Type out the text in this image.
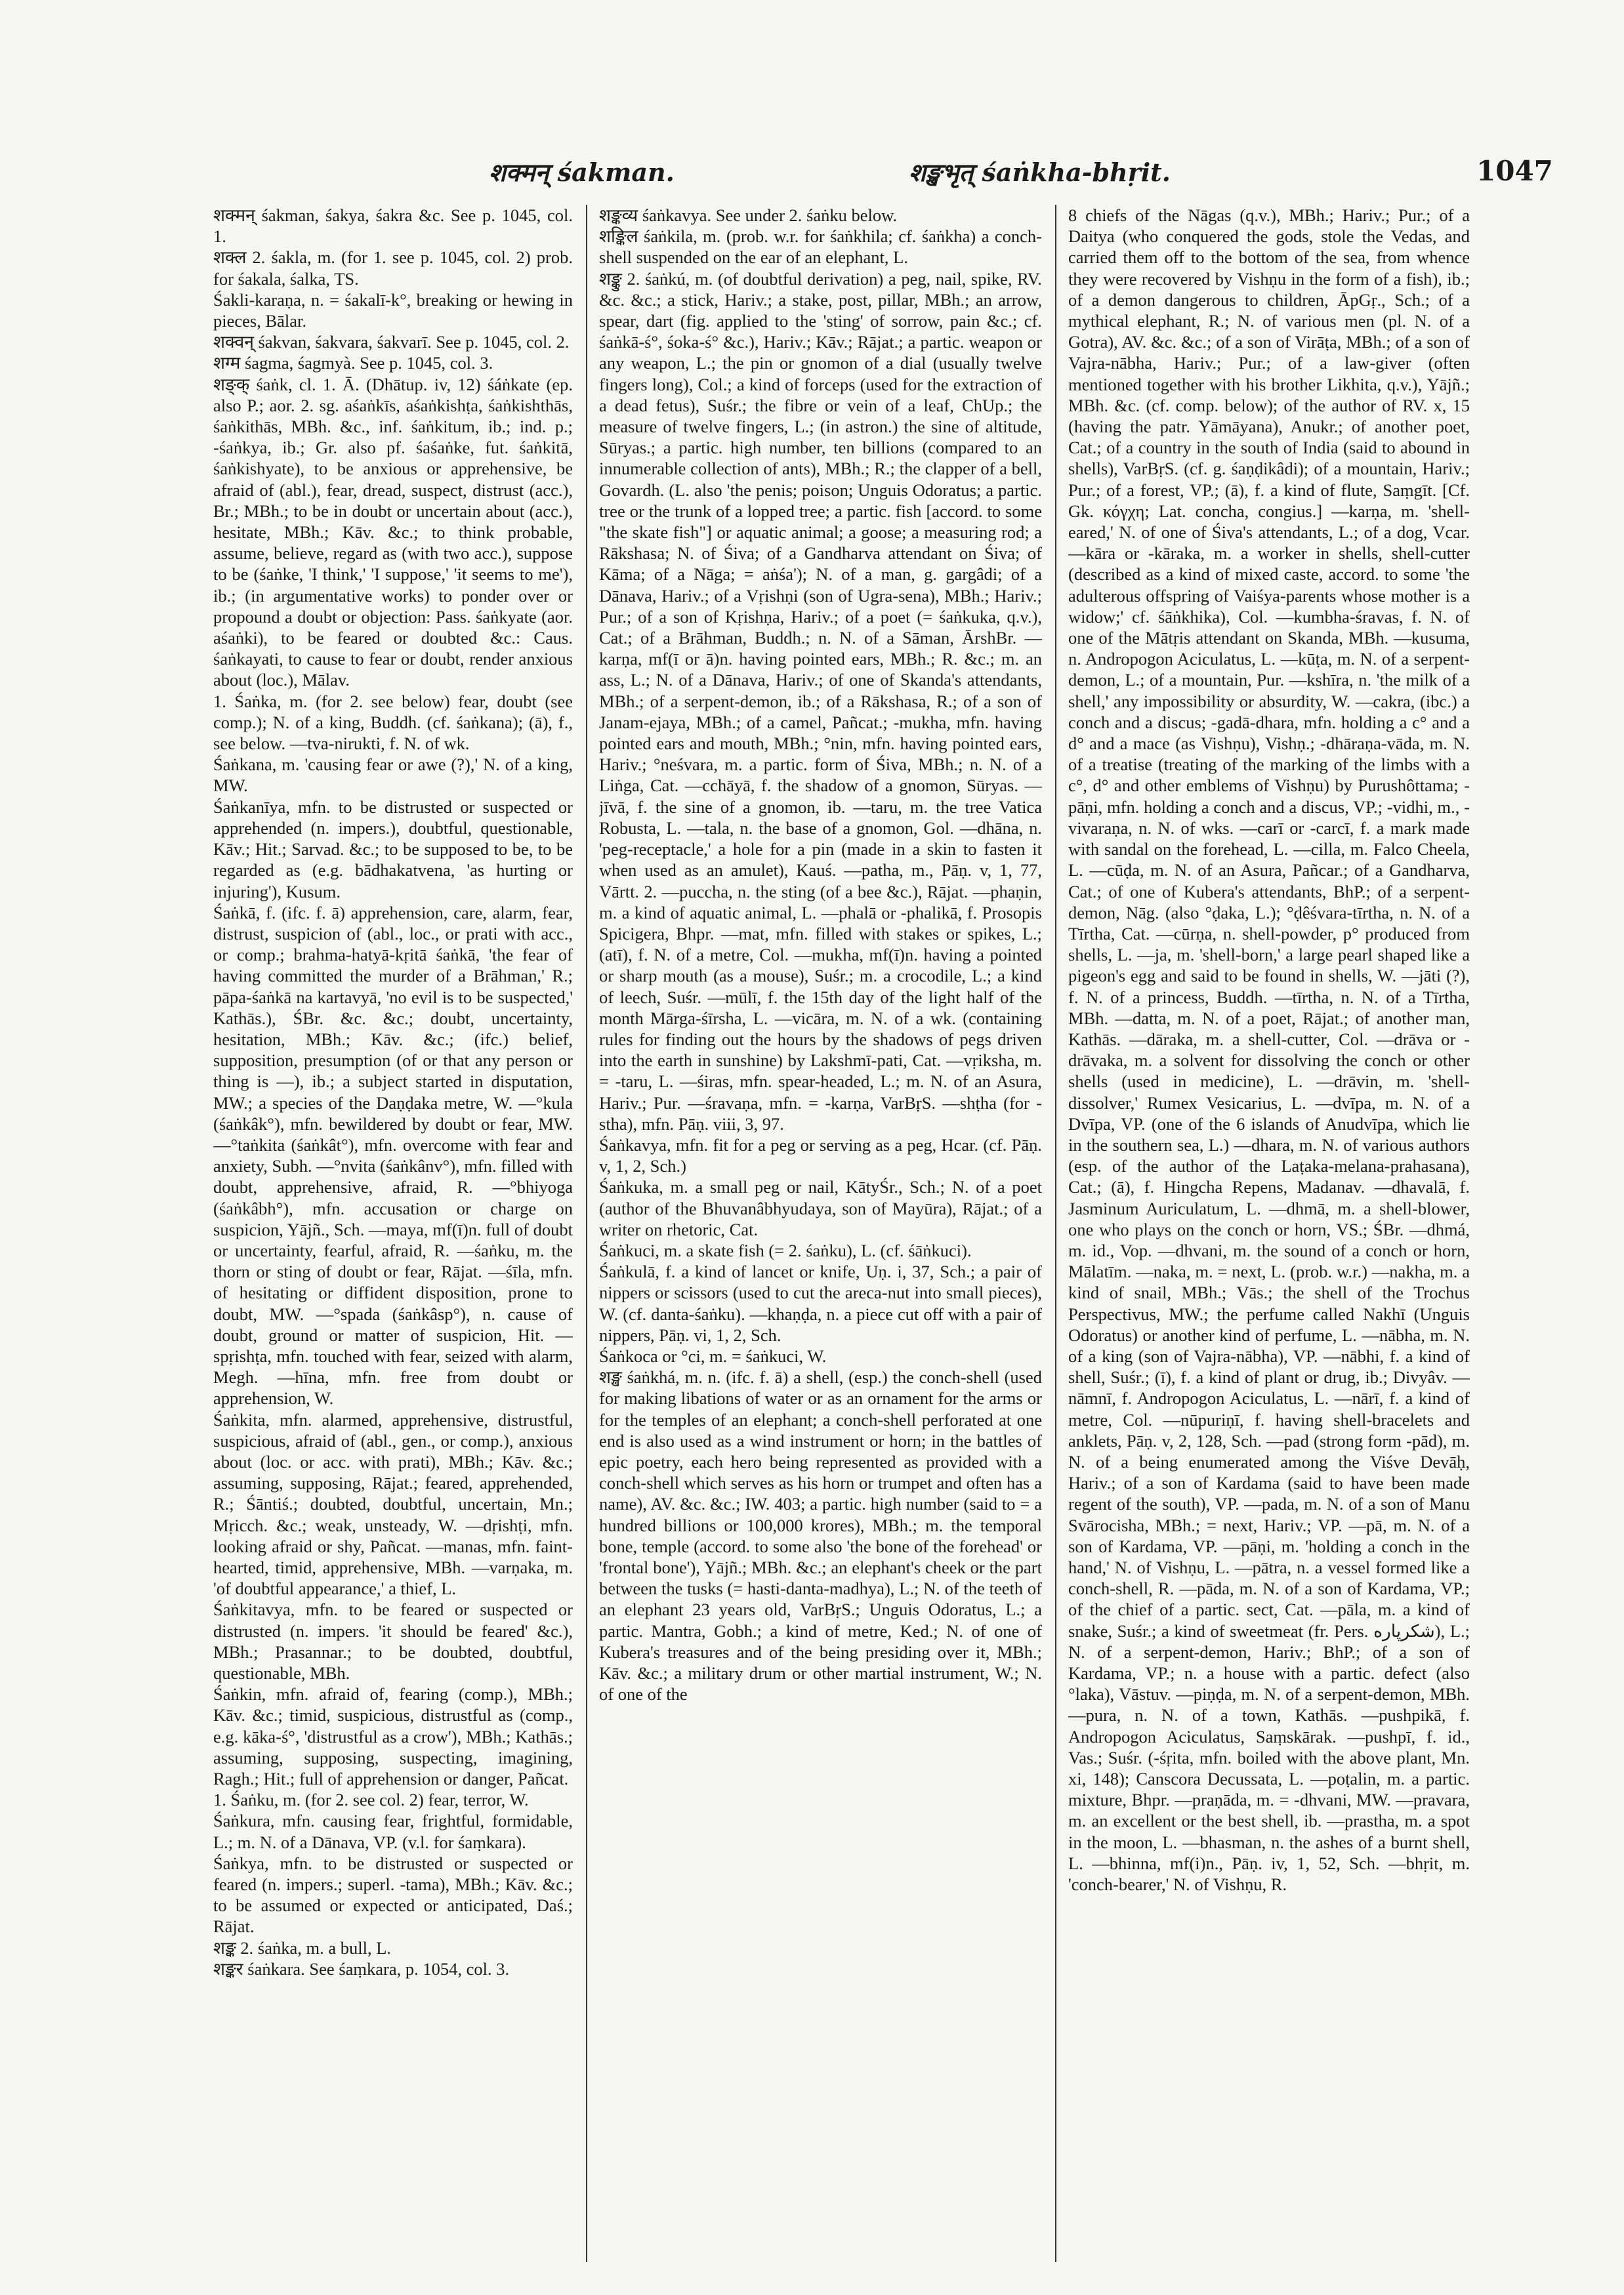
शक्मन् śakman.	शङ्खभृत् śaṅkha-bhṛit.	1047

शक्मन् śakman, śakya, śakra &c. See p. 1045, col. 1.

शक्ल 2. śakla, m. (for 1. see p. 1045, col. 2) prob. for śakala, śalka, TS.

Śakli-karaṇa, n. = śakalī-k°, breaking or hewing in pieces, Bālar.

शक्वन् śakvan, śakvara, śakvarī. See p. 1045, col. 2.

शग्म śagma, śagmyà. See p. 1045, col. 3.

शङ्क् śaṅk, cl. 1. Ā. (Dhātup. iv, 12) śáṅkate (ep. also P.; aor. 2. sg. aśaṅkīs, aśaṅkishṭa, śaṅkishthās, śaṅkithās, MBh. &c., inf. śaṅkitum, ib.; ind. p.; -śaṅkya, ib.; Gr. also pf. śaśaṅke, fut. śaṅkitā, śaṅkishyate), to be anxious or apprehensive, be afraid of (abl.), fear, dread, suspect, distrust (acc.), Br.; MBh.; to be in doubt or uncertain about (acc.), hesitate, MBh.; Kāv. &c.; to think probable, assume, believe, regard as (with two acc.), suppose to be (śaṅke, 'I think,' 'I suppose,' 'it seems to me'), ib.; (in argumentative works) to ponder over or propound a doubt or objection: Pass. śaṅkyate (aor. aśaṅki), to be feared or doubted &c.: Caus. śaṅkayati, to cause to fear or doubt, render anxious about (loc.), Mālav.

1. Śaṅka, m. (for 2. see below) fear, doubt (see comp.); N. of a king, Buddh. (cf. śaṅkana); (ā), f., see below. —tva-nirukti, f. N. of wk.

Śaṅkana, m. 'causing fear or awe (?),' N. of a king, MW.

Śaṅkanīya, mfn. to be distrusted or suspected or apprehended (n. impers.), doubtful, questionable, Kāv.; Hit.; Sarvad. &c.; to be supposed to be, to be regarded as (e.g. bādhakatvena, 'as hurting or injuring'), Kusum.

Śaṅkā, f. (ifc. f. ā) apprehension, care, alarm, fear, distrust, suspicion of (abl., loc., or prati with acc., or comp.; brahma-hatyā-kṛitā śaṅkā, 'the fear of having committed the murder of a Brāhman,' R.; pāpa-śaṅkā na kartavyā, 'no evil is to be suspected,' Kathās.), ŚBr. &c. &c.; doubt, uncertainty, hesitation, MBh.; Kāv. &c.; (ifc.) belief, supposition, presumption (of or that any person or thing is —), ib.; a subject started in disputation, MW.; a species of the Daṇḍaka metre, W. —°kula (śaṅkâk°), mfn. bewildered by doubt or fear, MW. —°taṅkita (śaṅkât°), mfn. overcome with fear and anxiety, Subh. —°nvita (śaṅkânv°), mfn. filled with doubt, apprehensive, afraid, R. —°bhiyoga (śaṅkâbh°), mfn. accusation or charge on suspicion, Yājñ., Sch. —maya, mf(ī)n. full of doubt or uncertainty, fearful, afraid, R. —śaṅku, m. the thorn or sting of doubt or fear, Rājat. —śīla, mfn. of hesitating or diffident disposition, prone to doubt, MW. —°spada (śaṅkâsp°), n. cause of doubt, ground or matter of suspicion, Hit. —spṛishṭa, mfn. touched with fear, seized with alarm, Megh. —hīna, mfn. free from doubt or apprehension, W.

Śaṅkita, mfn. alarmed, apprehensive, distrustful, suspicious, afraid of (abl., gen., or comp.), anxious about (loc. or acc. with prati), MBh.; Kāv. &c.; assuming, supposing, Rājat.; feared, apprehended, R.; Śāntiś.; doubted, doubtful, uncertain, Mn.; Mṛicch. &c.; weak, unsteady, W. —dṛishṭi, mfn. looking afraid or shy, Pañcat. —manas, mfn. faint-hearted, timid, apprehensive, MBh. —varṇaka, m. 'of doubtful appearance,' a thief, L.

Śaṅkitavya, mfn. to be feared or suspected or distrusted (n. impers. 'it should be feared' &c.), MBh.; Prasannar.; to be doubted, doubtful, questionable, MBh.

Śaṅkin, mfn. afraid of, fearing (comp.), MBh.; Kāv. &c.; timid, suspicious, distrustful as (comp., e.g. kāka-ś°, 'distrustful as a crow'), MBh.; Kathās.; assuming, supposing, suspecting, imagining, Ragh.; Hit.; full of apprehension or danger, Pañcat.

1. Śaṅku, m. (for 2. see col. 2) fear, terror, W.

Śaṅkura, mfn. causing fear, frightful, formidable, L.; m. N. of a Dānava, VP. (v.l. for śaṃkara).

Śaṅkya, mfn. to be distrusted or suspected or feared (n. impers.; superl. -tama), MBh.; Kāv. &c.; to be assumed or expected or anticipated, Daś.; Rājat.

शङ्क 2. śaṅka, m. a bull, L.

शङ्कर śaṅkara. See śaṃkara, p. 1054, col. 3.

शङ्कव्य śaṅkavya. See under 2. śaṅku below.

शङ्किल śaṅkila, m. (prob. w.r. for śaṅkhila; cf. śaṅkha) a conch-shell suspended on the ear of an elephant, L.

शङ्कु 2. śaṅkú, m. (of doubtful derivation) a peg, nail, spike, RV. &c. &c.; a stick, Hariv.; a stake, post, pillar, MBh.; an arrow, spear, dart (fig. applied to the 'sting' of sorrow, pain &c.; cf. śaṅkā-ś°, śoka-ś° &c.), Hariv.; Kāv.; Rājat.; a partic. weapon or any weapon, L.; the pin or gnomon of a dial (usually twelve fingers long), Col.; a kind of forceps (used for the extraction of a dead fetus), Suśr.; the fibre or vein of a leaf, ChUp.; the measure of twelve fingers, L.; (in astron.) the sine of altitude, Sūryas.; a partic. high number, ten billions (compared to an innumerable collection of ants), MBh.; R.; the clapper of a bell, Govardh. (L. also 'the penis; poison; Unguis Odoratus; a partic. tree or the trunk of a lopped tree; a partic. fish [accord. to some "the skate fish"] or aquatic animal; a goose; a measuring rod; a Rākshasa; N. of Śiva; of a Gandharva attendant on Śiva; of Kāma; of a Nāga; = aṅśa'); N. of a man, g. gargâdi; of a Dānava, Hariv.; of a Vṛishṇi (son of Ugra-sena), MBh.; Hariv.; Pur.; of a son of Kṛishṇa, Hariv.; of a poet (= śaṅkuka, q.v.), Cat.; of a Brāhman, Buddh.; n. N. of a Sāman, ĀrshBr. —karṇa, mf(ī or ā)n. having pointed ears, MBh.; R. &c.; m. an ass, L.; N. of a Dānava, Hariv.; of one of Skanda's attendants, MBh.; of a serpent-demon, ib.; of a Rākshasa, R.; of a son of Janam-ejaya, MBh.; of a camel, Pañcat.; -mukha, mfn. having pointed ears and mouth, MBh.; °nin, mfn. having pointed ears, Hariv.; °neśvara, m. a partic. form of Śiva, MBh.; n. N. of a Liṅga, Cat. —cchāyā, f. the shadow of a gnomon, Sūryas. —jīvā, f. the sine of a gnomon, ib. —taru, m. the tree Vatica Robusta, L. —tala, n. the base of a gnomon, Gol. —dhāna, n. 'peg-receptacle,' a hole for a pin (made in a skin to fasten it when used as an amulet), Kauś. —patha, m., Pāṇ. v, 1, 77, Vārtt. 2. —puccha, n. the sting (of a bee &c.), Rājat. —phaṇin, m. a kind of aquatic animal, L. —phalā or -phalikā, f. Prosopis Spicigera, Bhpr. —mat, mfn. filled with stakes or spikes, L.; (atī), f. N. of a metre, Col. —mukha, mf(ī)n. having a pointed or sharp mouth (as a mouse), Suśr.; m. a crocodile, L.; a kind of leech, Suśr. —mūlī, f. the 15th day of the light half of the month Mārga-śīrsha, L. —vicāra, m. N. of a wk. (containing rules for finding out the hours by the shadows of pegs driven into the earth in sunshine) by Lakshmī-pati, Cat. —vṛiksha, m. = -taru, L. —śiras, mfn. spear-headed, L.; m. N. of an Asura, Hariv.; Pur. —śravaṇa, mfn. = -karṇa, VarBṛS. —shṭha (for -stha), mfn. Pāṇ. viii, 3, 97.

Śaṅkavya, mfn. fit for a peg or serving as a peg, Hcar. (cf. Pāṇ. v, 1, 2, Sch.)

Śaṅkuka, m. a small peg or nail, KātyŚr., Sch.; N. of a poet (author of the Bhuvanâbhyudaya, son of Mayūra), Rājat.; of a writer on rhetoric, Cat.

Śaṅkuci, m. a skate fish (= 2. śaṅku), L. (cf. śāṅkuci).

Śaṅkulā, f. a kind of lancet or knife, Uṇ. i, 37, Sch.; a pair of nippers or scissors (used to cut the areca-nut into small pieces), W. (cf. danta-śaṅku). —khaṇḍa, n. a piece cut off with a pair of nippers, Pāṇ. vi, 1, 2, Sch.

Śaṅkoca or °ci, m. = śaṅkuci, W.

शङ्ख śaṅkhá, m. n. (ifc. f. ā) a shell, (esp.) the conch-shell (used for making libations of water or as an ornament for the arms or for the temples of an elephant; a conch-shell perforated at one end is also used as a wind instrument or horn; in the battles of epic poetry, each hero being represented as provided with a conch-shell which serves as his horn or trumpet and often has a name), AV. &c. &c.; IW. 403; a partic. high number (said to = a hundred billions or 100,000 krores), MBh.; m. the temporal bone, temple (accord. to some also 'the bone of the forehead' or 'frontal bone'), Yājñ.; MBh. &c.; an elephant's cheek or the part between the tusks (= hasti-danta-madhya), L.; N. of the teeth of an elephant 23 years old, VarBṛS.; Unguis Odoratus, L.; a partic. Mantra, Gobh.; a kind of metre, Ked.; N. of one of Kubera's treasures and of the being presiding over it, MBh.; Kāv. &c.; a military drum or other martial instrument, W.; N. of one of the

8 chiefs of the Nāgas (q.v.), MBh.; Hariv.; Pur.; of a Daitya (who conquered the gods, stole the Vedas, and carried them off to the bottom of the sea, from whence they were recovered by Vishṇu in the form of a fish), ib.; of a demon dangerous to children, ĀpGṛ., Sch.; of a mythical elephant, R.; N. of various men (pl. N. of a Gotra), AV. &c. &c.; of a son of Virāṭa, MBh.; of a son of Vajra-nābha, Hariv.; Pur.; of a law-giver (often mentioned together with his brother Likhita, q.v.), Yājñ.; MBh. &c. (cf. comp. below); of the author of RV. x, 15 (having the patr. Yāmāyana), Anukr.; of another poet, Cat.; of a country in the south of India (said to abound in shells), VarBṛS. (cf. g. śaṇḍikâdi); of a mountain, Hariv.; Pur.; of a forest, VP.; (ā), f. a kind of flute, Saṃgīt. [Cf. Gk. κόγχη; Lat. concha, congius.] —karṇa, m. 'shell-eared,' N. of one of Śiva's attendants, L.; of a dog, Vcar. —kāra or -kāraka, m. a worker in shells, shell-cutter (described as a kind of mixed caste, accord. to some 'the adulterous offspring of Vaiśya-parents whose mother is a widow;' cf. śāṅkhika), Col. —kumbha-śravas, f. N. of one of the Mātṛis attendant on Skanda, MBh. —kusuma, n. Andropogon Aciculatus, L. —kūṭa, m. N. of a serpent-demon, L.; of a mountain, Pur. —kshīra, n. 'the milk of a shell,' any impossibility or absurdity, W. —cakra, (ibc.) a conch and a discus; -gadā-dhara, mfn. holding a c° and a d° and a mace (as Vishṇu), Vishṇ.; -dhāraṇa-vāda, m. N. of a treatise (treating of the marking of the limbs with a c°, d° and other emblems of Vishṇu) by Purushôttama; -pāṇi, mfn. holding a conch and a discus, VP.; -vidhi, m., -vivaraṇa, n. N. of wks. —carī or -carcī, f. a mark made with sandal on the forehead, L. —cilla, m. Falco Cheela, L. —cūḍa, m. N. of an Asura, Pañcar.; of a Gandharva, Cat.; of one of Kubera's attendants, BhP.; of a serpent-demon, Nāg. (also °ḍaka, L.); °ḍêśvara-tīrtha, n. N. of a Tīrtha, Cat. —cūrṇa, n. shell-powder, p° produced from shells, L. —ja, m. 'shell-born,' a large pearl shaped like a pigeon's egg and said to be found in shells, W. —jāti (?), f. N. of a princess, Buddh. —tīrtha, n. N. of a Tīrtha, MBh. —datta, m. N. of a poet, Rājat.; of another man, Kathās. —dāraka, m. a shell-cutter, Col. —drāva or -drāvaka, m. a solvent for dissolving the conch or other shells (used in medicine), L. —drāvin, m. 'shell-dissolver,' Rumex Vesicarius, L. —dvīpa, m. N. of a Dvīpa, VP. (one of the 6 islands of Anudvīpa, which lie in the southern sea, L.) —dhara, m. N. of various authors (esp. of the author of the Laṭaka-melana-prahasana), Cat.; (ā), f. Hingcha Repens, Madanav. —dhavalā, f. Jasminum Auriculatum, L. —dhmā, m. a shell-blower, one who plays on the conch or horn, VS.; ŚBr. —dhmá, m. id., Vop. —dhvani, m. the sound of a conch or horn, Mālatīm. —naka, m. = next, L. (prob. w.r.) —nakha, m. a kind of snail, MBh.; Vās.; the shell of the Trochus Perspectivus, MW.; the perfume called Nakhī (Unguis Odoratus) or another kind of perfume, L. —nābha, m. N. of a king (son of Vajra-nābha), VP. —nābhi, f. a kind of shell, Suśr.; (ī), f. a kind of plant or drug, ib.; Divyâv. —nāmnī, f. Andropogon Aciculatus, L. —nārī, f. a kind of metre, Col. —nūpuriṇī, f. having shell-bracelets and anklets, Pāṇ. v, 2, 128, Sch. —pad (strong form -pād), m. N. of a being enumerated among the Viśve Devāḥ, Hariv.; of a son of Kardama (said to have been made regent of the south), VP. —pada, m. N. of a son of Manu Svārocisha, MBh.; = next, Hariv.; VP. —pā, m. N. of a son of Kardama, VP. —pāṇi, m. 'holding a conch in the hand,' N. of Vishṇu, L. —pātra, n. a vessel formed like a conch-shell, R. —pāda, m. N. of a son of Kardama, VP.; of the chief of a partic. sect, Cat. —pāla, m. a kind of snake, Suśr.; a kind of sweetmeat (fr. Pers. شكرپاره), L.; N. of a serpent-demon, Hariv.; BhP.; of a son of Kardama, VP.; n. a house with a partic. defect (also °laka), Vāstuv. —piṇḍa, m. N. of a serpent-demon, MBh. —pura, n. N. of a town, Kathās. —pushpikā, f. Andropogon Aciculatus, Saṃskārak. —pushpī, f. id., Vas.; Suśr. (-śṛita, mfn. boiled with the above plant, Mn. xi, 148); Canscora Decussata, L. —poṭalin, m. a partic. mixture, Bhpr. —praṇāda, m. = -dhvani, MW. —pravara, m. an excellent or the best shell, ib. —prastha, m. a spot in the moon, L. —bhasman, n. the ashes of a burnt shell, L. —bhinna, mf(i)n., Pāṇ. iv, 1, 52, Sch. —bhṛit, m. 'conch-bearer,' N. of Vishṇu, R.
